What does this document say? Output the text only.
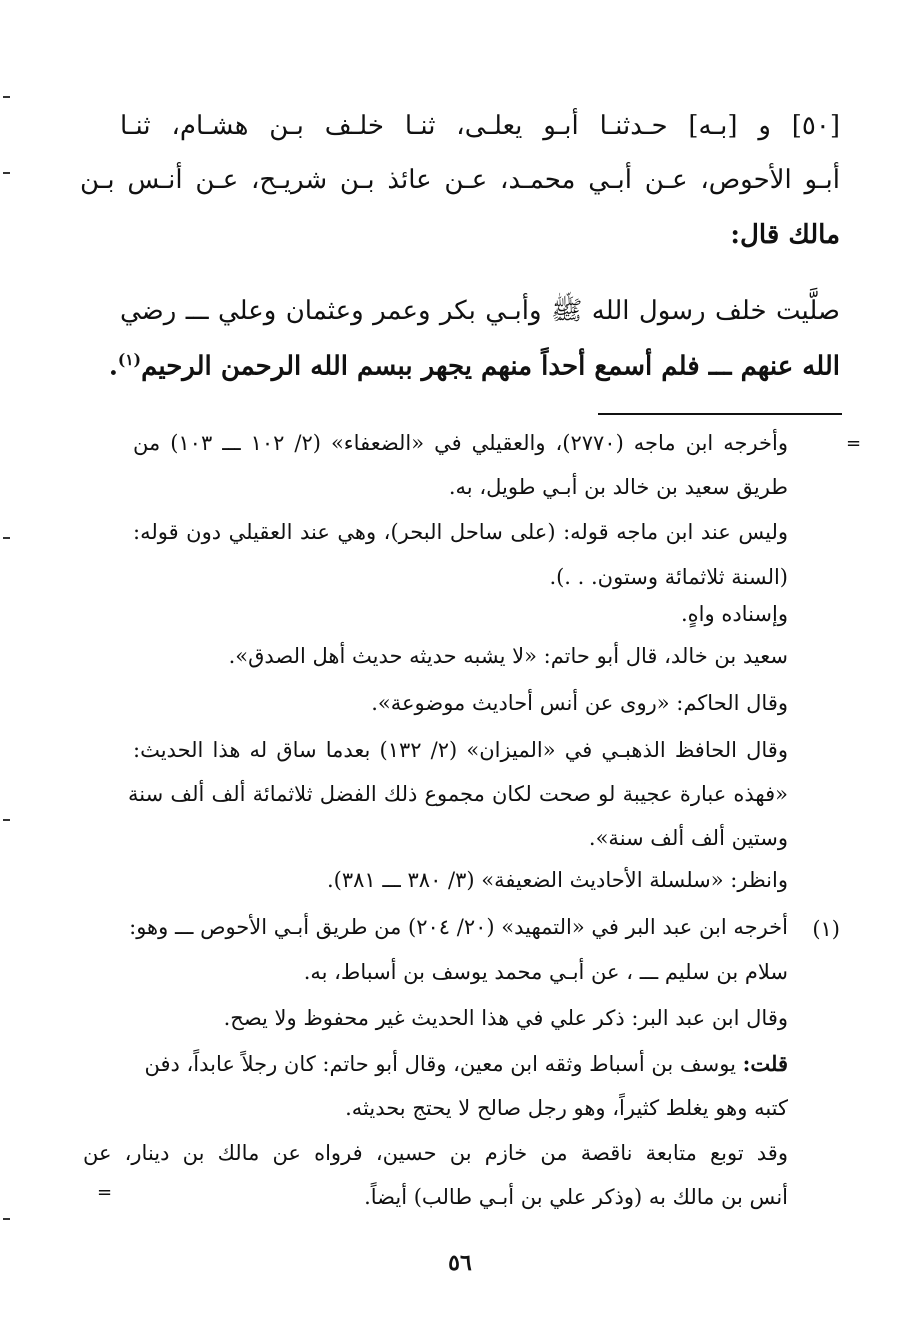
[٥٠] و [بـه] حـدثنـا أبـو يعلـى، ثنـا خلـف بـن هشـام، ثنـا
أبـو الأحوص، عـن أبـي محمـد، عـن عائذ بـن شريـح، عـن أنـس بـن
مالك قال:
صلَّيت خلف رسول الله ﷺ وأبـي بكر وعمر وعثمان وعلي ـــ رضي
الله عنهم ـــ فلم أسمع أحداً منهم يجهر ببسم الله الرحمن الرحيم$^{(١)}$.
=
وأخرجه ابن ماجه (٢٧٧٠)، والعقيلي في «الضعفاء» (٢/ ١٠٢ ـــ ١٠٣) من
طريق سعيد بن خالد بن أبـي طويل، به.
وليس عند ابن ماجه قوله: (على ساحل البحر)، وهي عند العقيلي دون قوله:
(السنة ثلاثمائة وستون. . .).
وإسناده واهٍ.
سعيد بن خالد، قال أبو حاتم: «لا يشبه حديثه حديث أهل الصدق».
وقال الحاكم: «روى عن أنس أحاديث موضوعة».
وقال الحافظ الذهبـي في «الميزان» (٢/ ١٣٢) بعدما ساق له هذا الحديث:
«فهذه عبارة عجيبة لو صحت لكان مجموع ذلك الفضل ثلاثمائة ألف ألف سنة
وستين ألف ألف سنة».
وانظر: «سلسلة الأحاديث الضعيفة» (٣/ ٣٨٠ ـــ ٣٨١).
(١)
أخرجه ابن عبد البر في «التمهيد» (٢٠/ ٢٠٤) من طريق أبـي الأحوص ـــ وهو:
سلام بن سليم ـــ ، عن أبـي محمد يوسف بن أسباط، به.
وقال ابن عبد البر: ذكر علي في هذا الحديث غير محفوظ ولا يصح.
قلت: يوسف بن أسباط وثقه ابن معين، وقال أبو حاتم: كان رجلاً عابداً، دفن
كتبه وهو يغلط كثيراً، وهو رجل صالح لا يحتج بحديثه.
وقد توبع متابعة ناقصة من خازم بن حسين، فرواه عن مالك بن دينار، عن
أنس بن مالك به (وذكر علي بن أبـي طالب) أيضاً.
=
٥٦
